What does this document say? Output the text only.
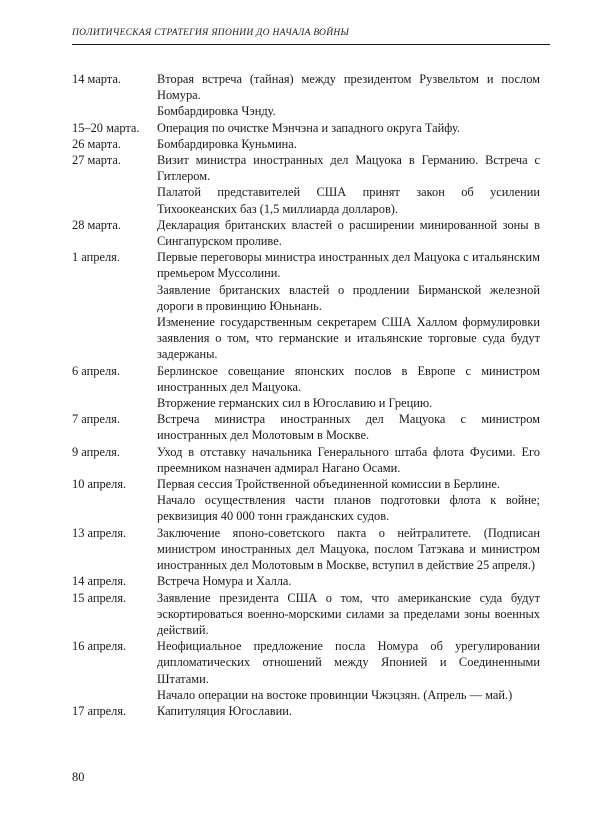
ПОЛИТИЧЕСКАЯ СТРАТЕГИЯ ЯПОНИИ ДО НАЧАЛА ВОЙНЫ
14 марта.	Вторая встреча (тайная) между президентом Рузвельтом и послом Номура.
Бомбардировка Чэнду.
15–20 марта.	Операция по очистке Мэнчэна и западного округа Тайфу.
26 марта.	Бомбардировка Куньмина.
27 марта.	Визит министра иностранных дел Мацуока в Германию. Встреча с Гитлером.
Палатой представителей США принят закон об усилении Тихоокеанских баз (1,5 миллиарда долларов).
28 марта.	Декларация британских властей о расширении минированной зоны в Сингапурском проливе.
1 апреля.	Первые переговоры министра иностранных дел Мацуока с итальянским премьером Муссолини.
Заявление британских властей о продлении Бирманской железной дороги в провинцию Юньнань.
Изменение государственным секретарем США Халлом формулировки заявления о том, что германские и итальянские торговые суда будут задержаны.
6 апреля.	Берлинское совещание японских послов в Европе с министром иностранных дел Мацуока.
Вторжение германских сил в Югославию и Грецию.
7 апреля.	Встреча министра иностранных дел Мацуока с министром иностранных дел Молотовым в Москве.
9 апреля.	Уход в отставку начальника Генерального штаба флота Фусими. Его преемником назначен адмирал Нагано Осами.
10 апреля.	Первая сессия Тройственной объединенной комиссии в Берлине.
Начало осуществления части планов подготовки флота к войне; реквизиция 40 000 тонн гражданских судов.
13 апреля.	Заключение японо-советского пакта о нейтралитете. (Подписан министром иностранных дел Мацуока, послом Татэкава и министром иностранных дел Молотовым в Москве, вступил в действие 25 апреля.)
14 апреля.	Встреча Номура и Халла.
15 апреля.	Заявление президента США о том, что американские суда будут эскортироваться военно-морскими силами за пределами зоны военных действий.
16 апреля.	Неофициальное предложение посла Номура об урегулировании дипломатических отношений между Японией и Соединенными Штатами.
Начало операции на востоке провинции Чжэцзян. (Апрель — май.)
17 апреля.	Капитуляция Югославии.
80
